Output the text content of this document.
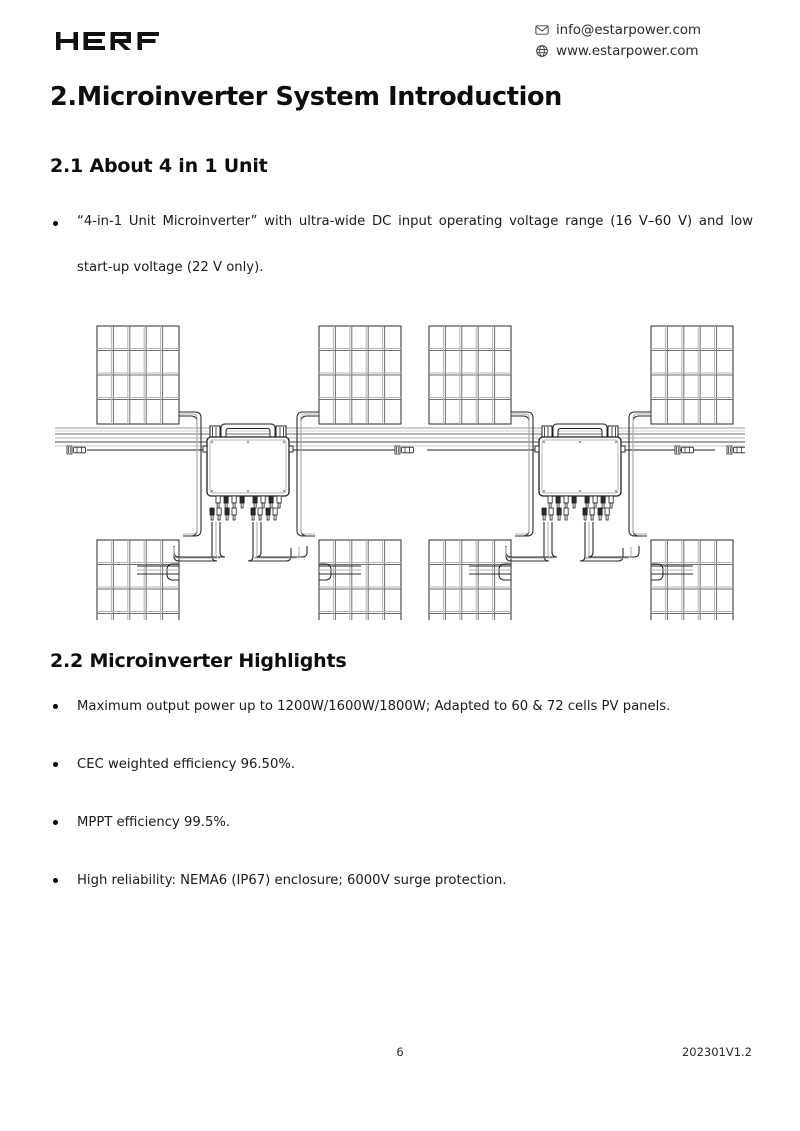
info@estarpower.com
www.estarpower.com
2.Microinverter System Introduction
2.1 About 4 in 1 Unit
“4-in-1 Unit Microinverter” with ultra-wide DC input operating voltage range (16 V–60 V) and low start-up voltage (22 V only).
2.2 Microinverter Highlights
Maximum output power up to 1200W/1600W/1800W; Adapted to 60 & 72 cells PV panels.
CEC weighted efficiency 96.50%.
MPPT efficiency 99.5%.
High reliability: NEMA6 (IP67) enclosure; 6000V surge protection.
6	202301V1.2
